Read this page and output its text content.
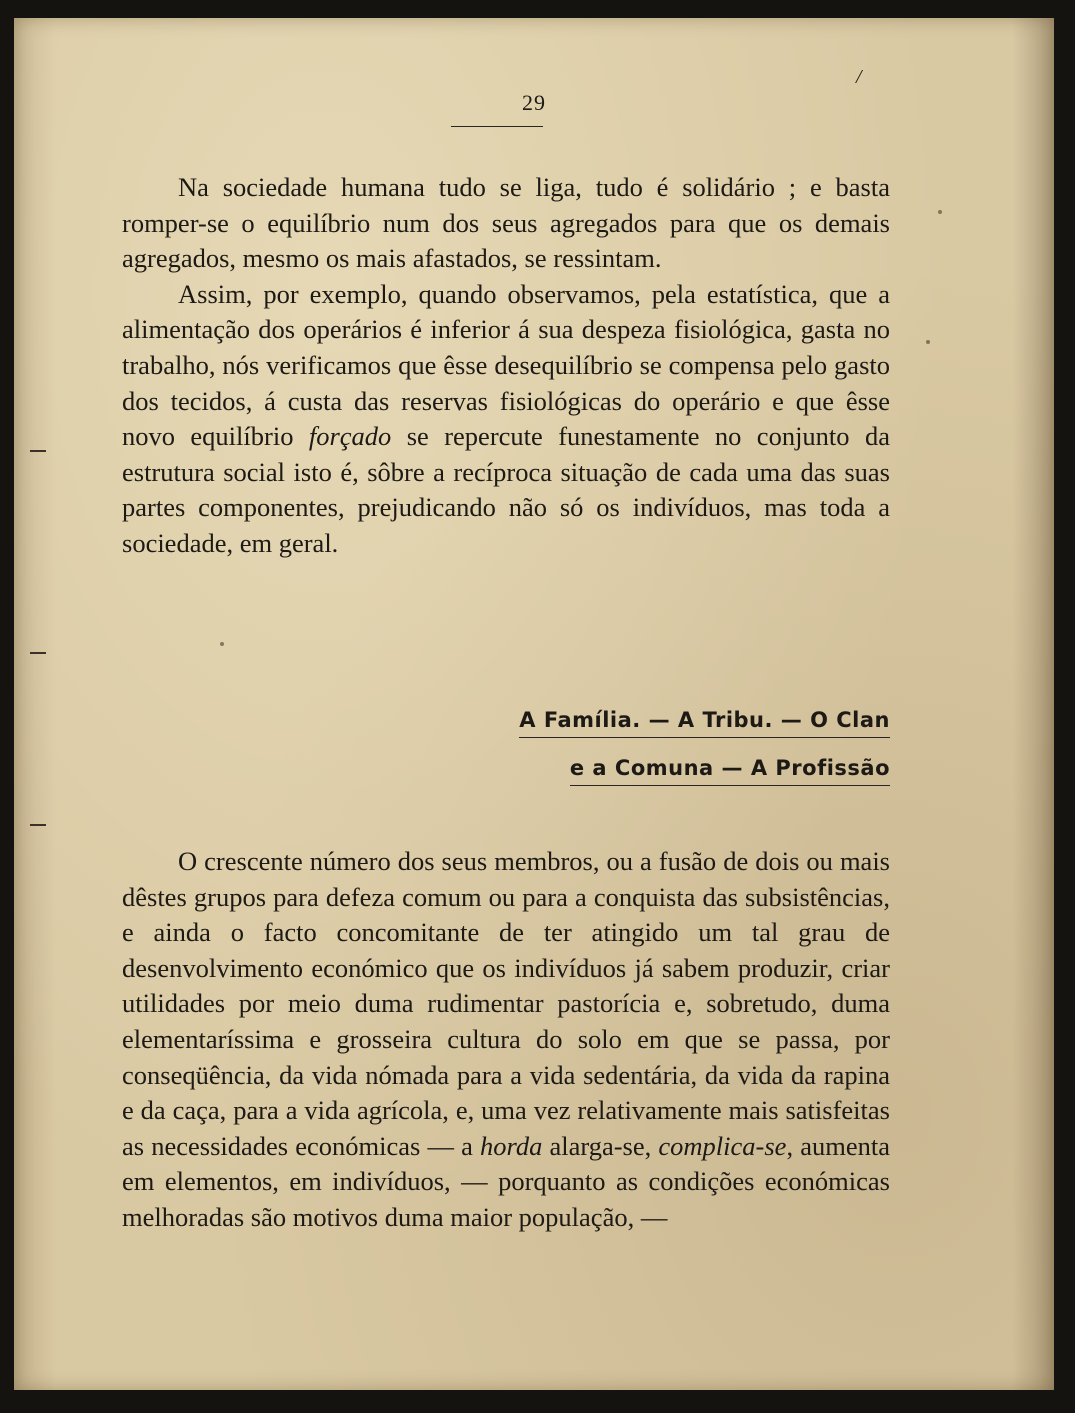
/
29

Na sociedade humana tudo se liga, tudo é solidário ; e basta romper-se o equilíbrio num dos seus agregados para que os demais agregados, mesmo os mais afastados, se ressintam.

Assim, por exemplo, quando observamos, pela estatística, que a alimentação dos operários é inferior á sua despeza fisiológica, gasta no trabalho, nós verificamos que êsse desequilíbrio se compensa pelo gasto dos tecidos, á custa das reservas fisiológicas do operário e que êsse novo equilíbrio forçado se repercute funestamente no conjunto da estrutura social isto é, sôbre a recíproca situação de cada uma das suas partes componentes, prejudicando não só os indivíduos, mas toda a sociedade, em geral.

A Família. — A Tribu. — O Clan
e a Comuna — A Profissão

O crescente número dos seus membros, ou a fusão de dois ou mais dêstes grupos para defeza comum ou para a conquista das subsistências, e ainda o facto concomitante de ter atingido um tal grau de desenvolvimento económico que os indivíduos já sabem produzir, criar utilidades por meio duma rudimentar pastorícia e, sobretudo, duma elementaríssima e grosseira cultura do solo em que se passa, por conseqüência, da vida nómada para a vida sedentária, da vida da rapina e da caça, para a vida agrícola, e, uma vez relativamente mais satisfeitas as necessidades económicas — a horda alarga-se, complica-se, aumenta em elementos, em indivíduos, — porquanto as condições económicas melhoradas são motivos duma maior população, —
